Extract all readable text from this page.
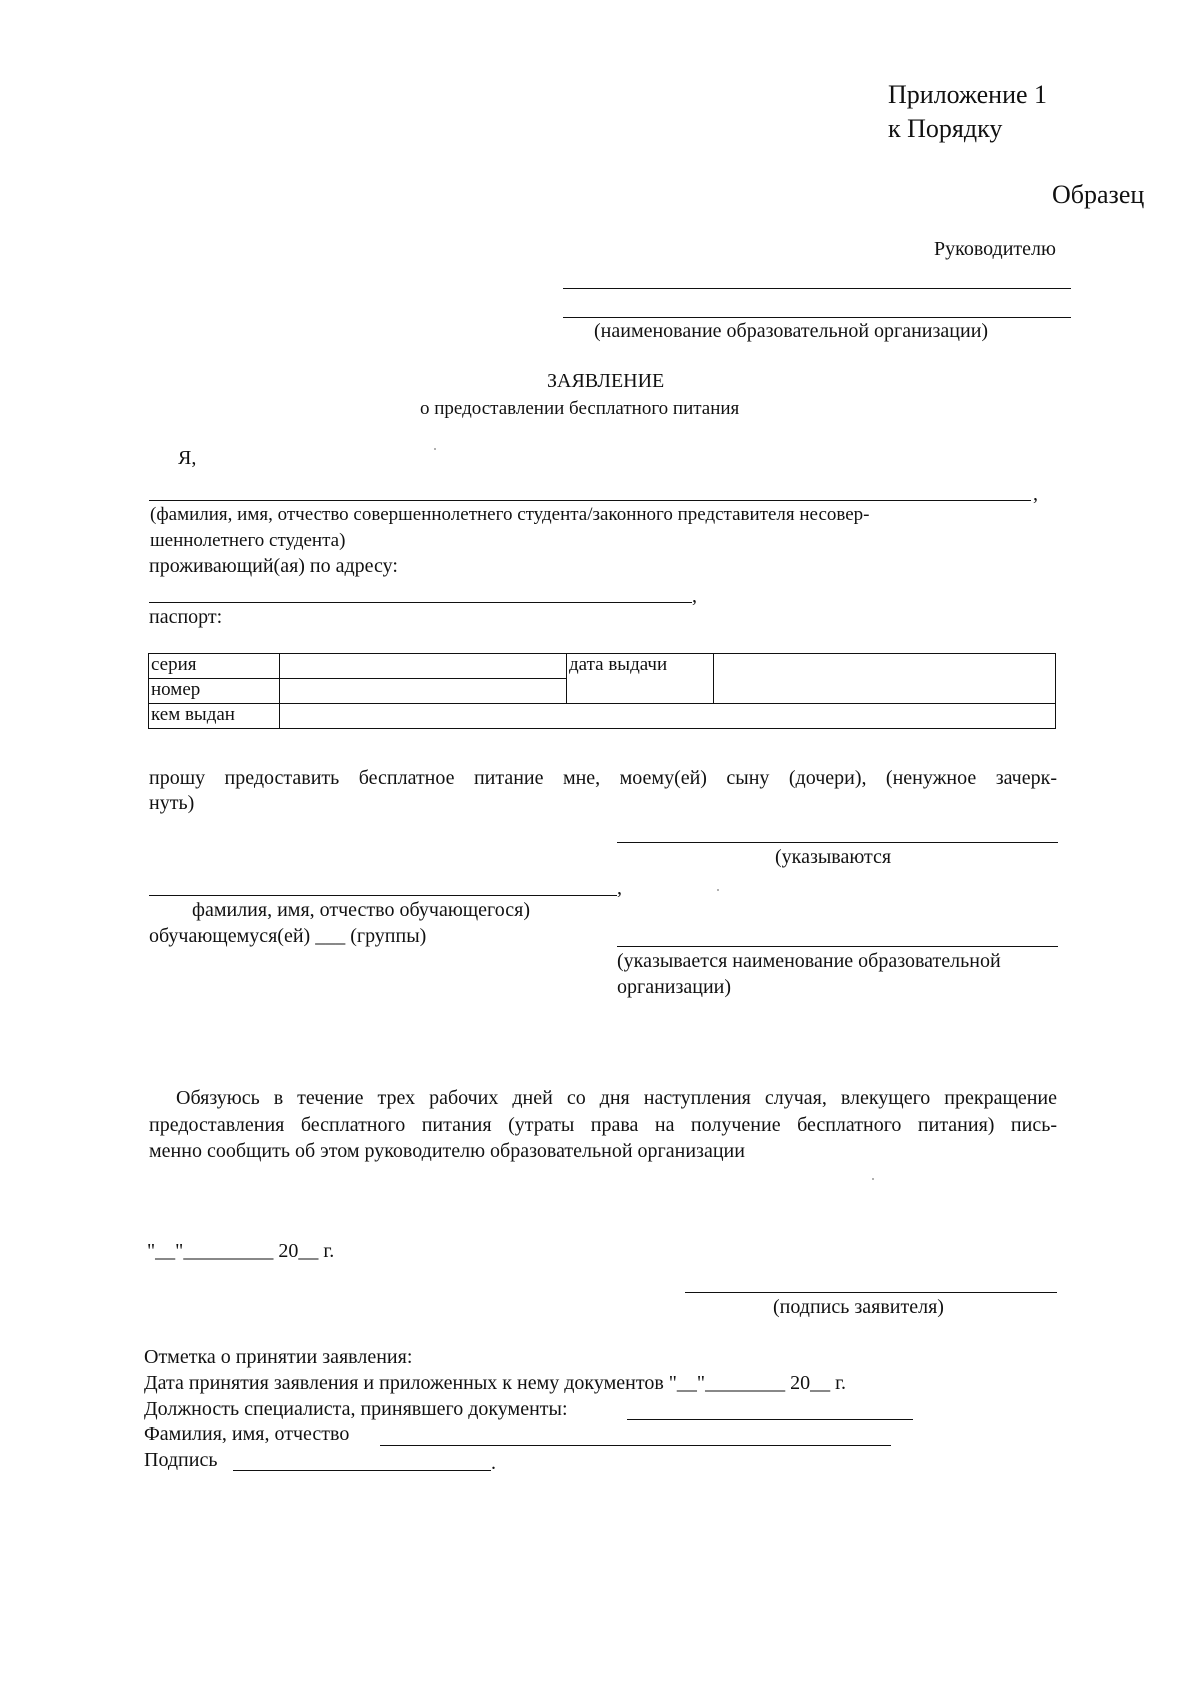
Приложение 1
к Порядку
Образец
Руководителю
(наименование образовательной организации)
ЗАЯВЛЕНИЕ
о предоставлении бесплатного питания
Я,
,
(фамилия, имя, отчество совершеннолетнего студента/законного представителя несовер-
шеннолетнего студента)
проживающий(ая) по адресу:
,
паспорт:
серия		дата выдачи	
номер			
кем выдан			
прошу предоставить бесплатное питание мне, моему(ей) сыну (дочери), (ненужное зачерк-
нуть)
(указываются
,
фамилия, имя, отчество обучающегося)
обучающемуся(ей) ___ (группы)
(указывается наименование образовательной
организации)
Обязуюсь в течение трех рабочих дней со дня наступления случая, влекущего прекращение
предоставления бесплатного питания (утраты права на получение бесплатного питания) пись-
менно сообщить об этом руководителю образовательной организации
"__"_________ 20__ г.
(подпись заявителя)
Отметка о принятии заявления:
Дата принятия заявления и приложенных к нему документов "__"________ 20__ г.
Должность специалиста, принявшего документы:
Фамилия, имя, отчество
Подпись	.
